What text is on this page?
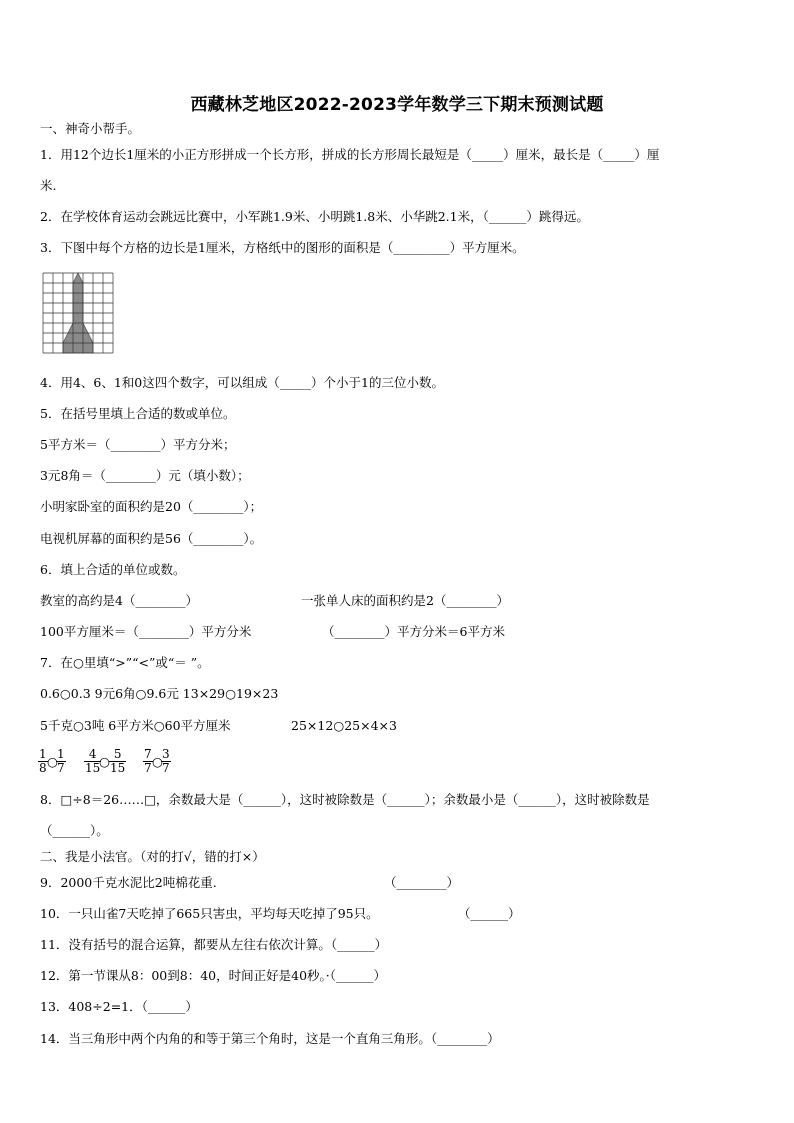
西藏林芝地区2022-2023学年数学三下期末预测试题
一、神奇小帮手。
1．用12个边长1厘米的小正方形拼成一个长方形，拼成的长方形周长最短是（_____）厘米，最长是（_____）厘
米.
2．在学校体育运动会跳远比赛中，小军跳1.9米、小明跳1.8米、小华跳2.1米，（______）跳得远。
3．下图中每个方格的边长是1厘米，方格纸中的图形的面积是（_________）平方厘米。
4．用4、6、1和0这四个数字，可以组成（_____）个小于1的三位小数。
5．在括号里填上合适的数或单位。
5平方米＝（________）平方分米；
3元8角＝（________）元（填小数）；
小明家卧室的面积约是20（________）；
电视机屏幕的面积约是56（________）。
6．填上合适的单位或数。
教室的高约是4（________）	一张单人床的面积约是2（________）
100平方厘米＝（________）平方分米	（________）平方分米＝6平方米
7．在○里填“>”“<”或“＝ ”。
0.6○0.3 9元6角○9.6元 13×29○19×23
5千克○3吨 6平方米○60平方厘米	25×12○25×4×3
$\frac{1}{8}$ ○
$\frac{1}{7} \frac{4}{15}$
○ $\frac{5}{15} \frac{7}{7}$ ○
$\frac{3}{7}$
8．□÷8＝26……□，余数最大是（______），这时被除数是（______）；余数最小是（______），这时被除数是
（______）。
二、我是小法官。（对的打√，错的打×）
9．2000千克水泥比2吨棉花重.	（________）
10．一只山雀7天吃掉了665只害虫，平均每天吃掉了95只。	（______）
11．没有括号的混合运算，都要从左往右依次计算。（______）
12．第一节课从8：00到8：40，时间正好是40秒。·（______）
13．408÷2=1．（______）
14．当三角形中两个内角的和等于第三个角时，这是一个直角三角形。（________）
